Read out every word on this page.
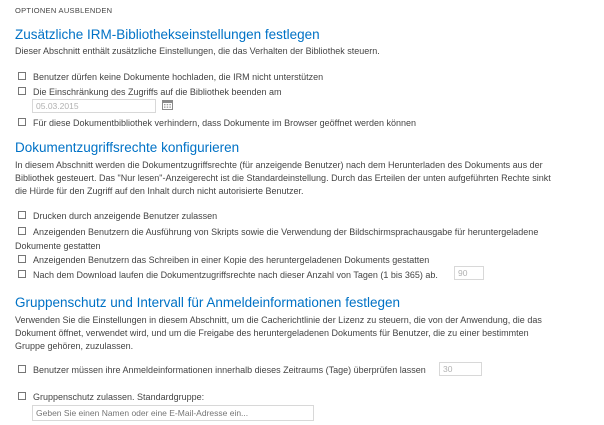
OPTIONEN AUSBLENDEN
Zusätzliche IRM-Bibliothekseinstellungen festlegen

Dieser Abschnitt enthält zusätzliche Einstellungen, die das Verhalten der Bibliothek steuern.

Benutzer dürfen keine Dokumente hochladen, die IRM nicht unterstützen
Die Einschränkung des Zugriffs auf die Bibliothek beenden am
05.03.2015
Für diese Dokumentbibliothek verhindern, dass Dokumente im Browser geöffnet werden können
Dokumentzugriffsrechte konfigurieren

In diesem Abschnitt werden die Dokumentzugriffsrechte (für anzeigende Benutzer) nach dem Herunterladen des Dokuments aus der

Bibliothek gesteuert. Das "Nur lesen"-Anzeigerecht ist die Standardeinstellung. Durch das Erteilen der unten aufgeführten Rechte sinkt

die Hürde für den Zugriff auf den Inhalt durch nicht autorisierte Benutzer.

Drucken durch anzeigende Benutzer zulassen
Anzeigenden Benutzern die Ausführung von Skripts sowie die Verwendung der Bildschirmsprachausgabe für heruntergeladene

Dokumente gestatten

Anzeigenden Benutzern das Schreiben in einer Kopie des heruntergeladenen Dokuments gestatten
Nach dem Download laufen die Dokumentzugriffsrechte nach dieser Anzahl von Tagen (1 bis 365) ab.
90
Gruppenschutz und Intervall für Anmeldeinformationen festlegen

Verwenden Sie die Einstellungen in diesem Abschnitt, um die Cacherichtlinie der Lizenz zu steuern, die von der Anwendung, die das

Dokument öffnet, verwendet wird, und um die Freigabe des heruntergeladenen Dokuments für Benutzer, die zu einer bestimmten

Gruppe gehören, zuzulassen.

Benutzer müssen ihre Anmeldeinformationen innerhalb dieses Zeitraums (Tage) überprüfen lassen
30
Gruppenschutz zulassen. Standardgruppe:
Geben Sie einen Namen oder eine E-Mail-Adresse ein...
